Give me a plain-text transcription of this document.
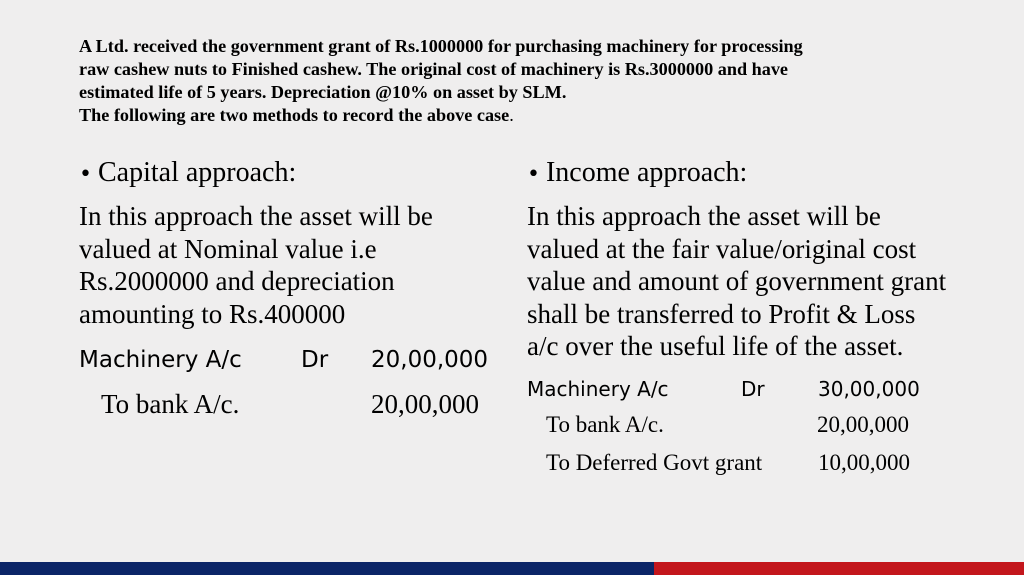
A Ltd. received the government grant of Rs.1000000 for purchasing machinery for processing

raw cashew nuts to Finished cashew. The original cost of machinery is Rs.3000000 and have

estimated life of 5 years. Depreciation @10% on asset by SLM.

The following are two methods to record the above case.

• Capital approach:

In this approach the asset will be valued at Nominal value i.e Rs.2000000 and depreciation amounting to Rs.400000

Machinery A/c	Dr 20,00,000
To bank A/c.	20,00,000

• Income approach:

In this approach the asset will be valued at the fair value/original cost value and amount of government grant shall be transferred to Profit & Loss a/c over the useful life of the asset.

Machinery A/c	Dr	30,00,000
To bank A/c.	20,00,000
To Deferred Govt grant 10,00,000
